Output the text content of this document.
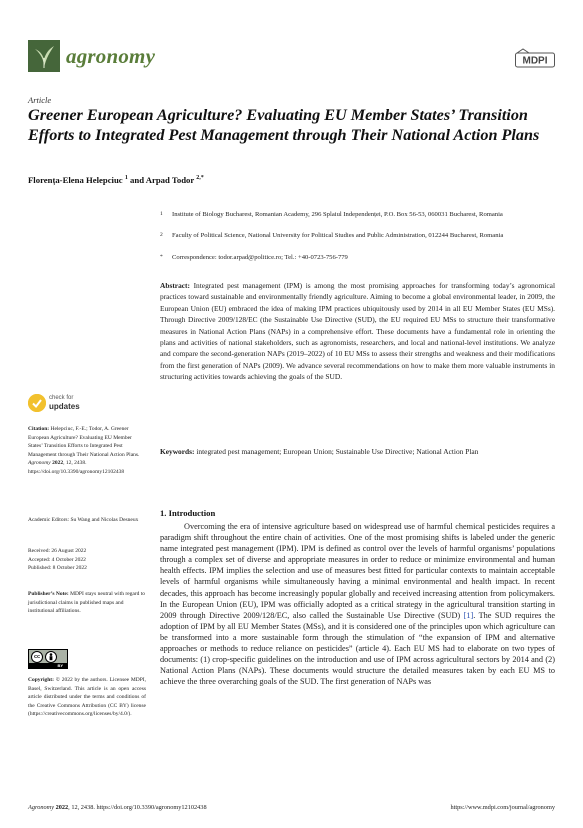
agronomy	MDPI
Article
Greener European Agriculture? Evaluating EU Member States’ Transition Efforts to Integrated Pest Management through Their National Action Plans
Florența-Elena Helepciuc $^1$ and Arpad Todor $^{2,*}$
1	Institute of Biology Bucharest, Romanian Academy, 296 Splaiul Independenței, P.O. Box 56-53, 060031 Bucharest, Romania
2	Faculty of Political Science, National University for Political Studies and Public Administration, 012244 Bucharest, Romania
*	Correspondence: todor.arpad@politice.ro; Tel.: +40-0723-756-779
Abstract: Integrated pest management (IPM) is among the most promising approaches for transforming today’s agronomical practices toward sustainable and environmentally friendly agriculture. Aiming to become a global environmental leader, in 2009, the European Union (EU) embraced the idea of making IPM practices ubiquitously used by 2014 in all EU Member States (EU MSs). Through Directive 2009/128/EC (the Sustainable Use Directive (SUD), the EU required EU MSs to structure their transformative measures in National Action Plans (NAPs) in a comprehensive effort. These documents have a fundamental role in orienting the plans and activities of national stakeholders, such as agronomists, researchers, and local and national-level institutions. We analyze and compare the second-generation NAPs (2019–2022) of 10 EU MSs to assess their strengths and weakness and their modifications from the first generation of NAPs (2009). We advance several recommendations on how to make them more valuable instruments in structuring activities towards achieving the goals of the SUD.
Keywords: integrated pest management; European Union; Sustainable Use Directive; National Action Plan
check for
updates

Citation: Helepciuc, F.-E.; Todor, A. Greener European Agriculture? Evaluating EU Member States’ Transition Efforts to Integrated Pest Management through Their National Action Plans. Agronomy 2022, 12, 2438. https://doi.org/10.3390/agronomy12102438

Academic Editors: Su Wang and Nicolas Desneux

Received: 26 August 2022
Accepted: 4 October 2022
Published: 8 October 2022

Publisher’s Note: MDPI stays neutral with regard to jurisdictional claims in published maps and institutional affiliations.

cc
BY

Copyright: © 2022 by the authors. Licensee MDPI, Basel, Switzerland. This article is an open access article distributed under the terms and conditions of the Creative Commons Attribution (CC BY) license (https://creativecommons.org/licenses/by/4.0/).

1. Introduction
Overcoming the era of intensive agriculture based on widespread use of harmful chemical pesticides requires a paradigm shift throughout the entire chain of activities. One of the most promising shifts is labeled under the generic name integrated pest management (IPM). IPM is defined as control over the levels of harmful organisms’ populations through a complex set of diverse and appropriate measures in order to reduce or minimize environmental and human health effects. IPM implies the selection and use of measures best fitted for particular contexts to maintain acceptable levels of harmful organisms while simultaneously having a minimal environmental and health impact. In recent decades, this approach has become increasingly popular globally and received increasing attention from policymakers. In the European Union (EU), IPM was officially adopted as a critical strategy in the agricultural transition starting in 2009 through Directive 2009/128/EC, also called the Sustainable Use Directive (SUD) [1]. The SUD requires the adoption of IPM by all EU Member States (MSs), and it is considered one of the principles upon which agriculture can be transformed into a more sustainable form through the stimulation of “the expansion of IPM and alternative approaches or methods to reduce reliance on pesticides” (article 4). Each EU MS had to elaborate on two types of documents: (1) crop-specific guidelines on the introduction and use of IPM across agricultural sectors by 2014 and (2) National Action Plans (NAPs). These documents would structure the detailed measures taken by each EU MS to achieve the three overarching goals of the SUD. The first generation of NAPs was
Agronomy 2022, 12, 2438. https://doi.org/10.3390/agronomy12102438	https://www.mdpi.com/journal/agronomy
